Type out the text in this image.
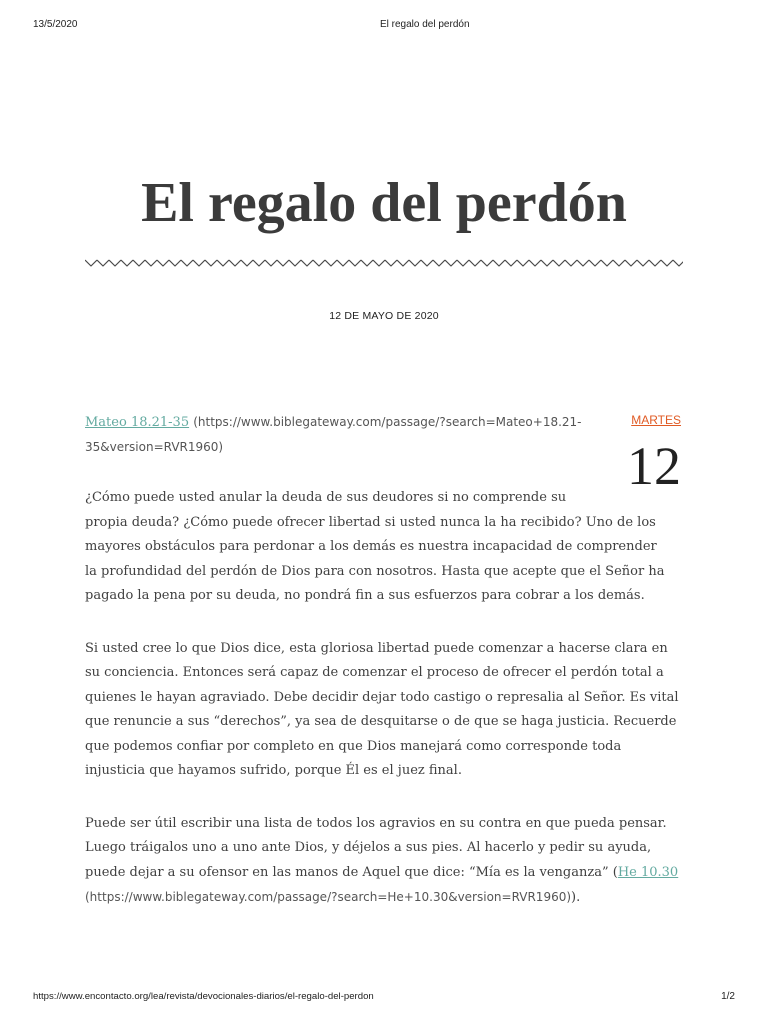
13/5/2020	El regalo del perdón
El regalo del perdón
12 DE MAYO DE 2020
MARTES
12
Mateo 18.21-35 (https://www.biblegateway.com/passage/?search=Mateo+18.21-
35&version=RVR1960)
¿Cómo puede usted anular la deuda de sus deudores si no comprende su
propia deuda? ¿Cómo puede ofrecer libertad si usted nunca la ha recibido? Uno de los
mayores obstáculos para perdonar a los demás es nuestra incapacidad de comprender
la profundidad del perdón de Dios para con nosotros. Hasta que acepte que el Señor ha
pagado la pena por su deuda, no pondrá fin a sus esfuerzos para cobrar a los demás.
Si usted cree lo que Dios dice, esta gloriosa libertad puede comenzar a hacerse clara en
su conciencia. Entonces será capaz de comenzar el proceso de ofrecer el perdón total a
quienes le hayan agraviado. Debe decidir dejar todo castigo o represalia al Señor. Es vital
que renuncie a sus “derechos”, ya sea de desquitarse o de que se haga justicia. Recuerde
que podemos confiar por completo en que Dios manejará como corresponde toda
injusticia que hayamos sufrido, porque Él es el juez final.
Puede ser útil escribir una lista de todos los agravios en su contra en que pueda pensar.
Luego tráigalos uno a uno ante Dios, y déjelos a sus pies. Al hacerlo y pedir su ayuda,
puede dejar a su ofensor en las manos de Aquel que dice: “Mía es la venganza” (He 10.30
(https://www.biblegateway.com/passage/?search=He+10.30&version=RVR1960)).
https://www.encontacto.org/lea/revista/devocionales-diarios/el-regalo-del-perdon	1/2
